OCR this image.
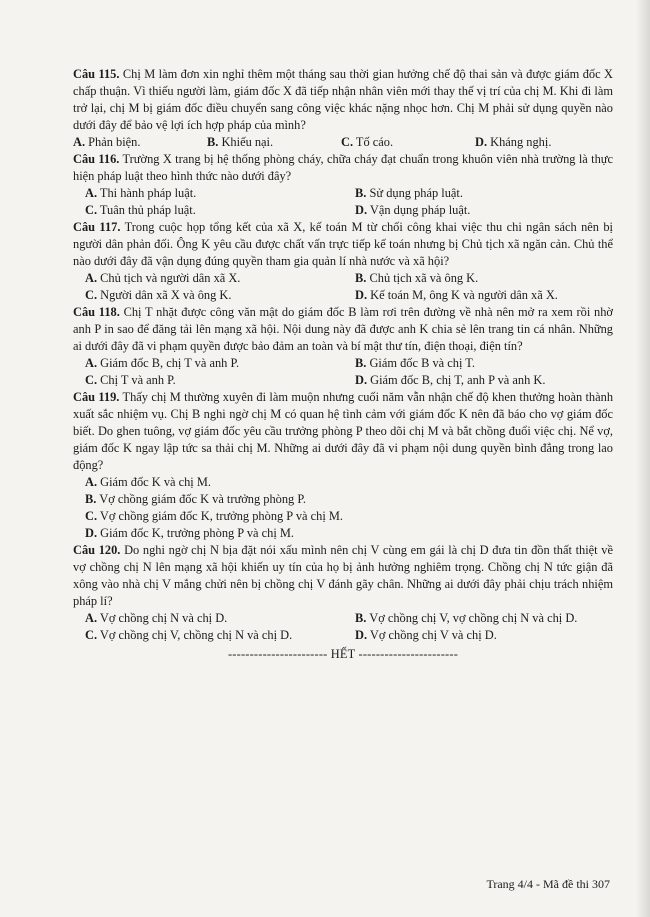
Câu 115. Chị M làm đơn xin nghỉ thêm một tháng sau thời gian hưởng chế độ thai sản và được giám đốc X chấp thuận. Vì thiếu người làm, giám đốc X đã tiếp nhận nhân viên mới thay thế vị trí của chị M. Khi đi làm trở lại, chị M bị giám đốc điều chuyển sang công việc khác nặng nhọc hơn. Chị M phải sử dụng quyền nào dưới đây để bảo vệ lợi ích hợp pháp của mình?

A. Phản biện.	B. Khiếu nại.	C. Tố cáo.	D. Kháng nghị.

Câu 116. Trường X trang bị hệ thống phòng cháy, chữa cháy đạt chuẩn trong khuôn viên nhà trường là thực hiện pháp luật theo hình thức nào dưới đây?

A. Thi hành pháp luật.	B. Sử dụng pháp luật.
C. Tuân thủ pháp luật.	D. Vận dụng pháp luật.

Câu 117. Trong cuộc họp tổng kết của xã X, kế toán M từ chối công khai việc thu chi ngân sách nên bị người dân phản đối. Ông K yêu cầu được chất vấn trực tiếp kế toán nhưng bị Chủ tịch xã ngăn cản. Chủ thể nào dưới đây đã vận dụng đúng quyền tham gia quản lí nhà nước và xã hội?

A. Chủ tịch và người dân xã X.	B. Chủ tịch xã và ông K.
C. Người dân xã X và ông K.	D. Kế toán M, ông K và người dân xã X.

Câu 118. Chị T nhặt được công văn mật do giám đốc B làm rơi trên đường về nhà nên mở ra xem rồi nhờ anh P in sao để đăng tải lên mạng xã hội. Nội dung này đã được anh K chia sẻ lên trang tin cá nhân. Những ai dưới đây đã vi phạm quyền được bảo đảm an toàn và bí mật thư tín, điện thoại, điện tín?

A. Giám đốc B, chị T và anh P.	B. Giám đốc B và chị T.
C. Chị T và anh P.	D. Giám đốc B, chị T, anh P và anh K.

Câu 119. Thấy chị M thường xuyên đi làm muộn nhưng cuối năm vẫn nhận chế độ khen thưởng hoàn thành xuất sắc nhiệm vụ. Chị B nghi ngờ chị M có quan hệ tình cảm với giám đốc K nên đã báo cho vợ giám đốc biết. Do ghen tuông, vợ giám đốc yêu cầu trưởng phòng P theo dõi chị M và bắt chồng đuổi việc chị. Nể vợ, giám đốc K ngay lập tức sa thải chị M. Những ai dưới đây đã vi phạm nội dung quyền bình đẳng trong lao động?

A. Giám đốc K và chị M.
B. Vợ chồng giám đốc K và trưởng phòng P.
C. Vợ chồng giám đốc K, trưởng phòng P và chị M.
D. Giám đốc K, trưởng phòng P và chị M.

Câu 120. Do nghi ngờ chị N bịa đặt nói xấu mình nên chị V cùng em gái là chị D đưa tin đồn thất thiệt về vợ chồng chị N lên mạng xã hội khiến uy tín của họ bị ảnh hưởng nghiêm trọng. Chồng chị N tức giận đã xông vào nhà chị V mắng chửi nên bị chồng chị V đánh gãy chân. Những ai dưới đây phải chịu trách nhiệm pháp lí?

A. Vợ chồng chị N và chị D.	B. Vợ chồng chị V, vợ chồng chị N và chị D.
C. Vợ chồng chị V, chồng chị N và chị D.	D. Vợ chồng chị V và chị D.
----------------------- HẾT -----------------------
Trang 4/4 - Mã đề thi 307
